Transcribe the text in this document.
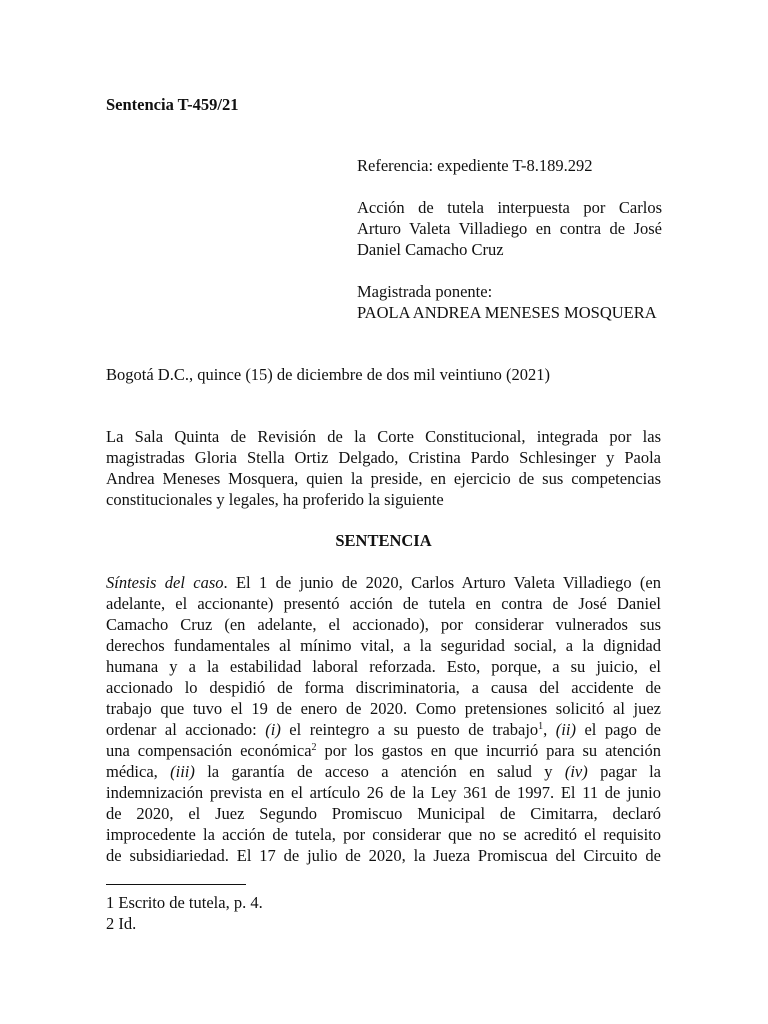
Sentencia T-459/21
Referencia: expediente T-8.189.292
Acción de tutela interpuesta por Carlos
Arturo Valeta Villadiego en contra de José
Daniel Camacho Cruz
Magistrada ponente:
PAOLA ANDREA MENESES MOSQUERA
Bogotá D.C., quince (15) de diciembre de dos mil veintiuno (2021)
La Sala Quinta de Revisión de la Corte Constitucional, integrada por las
magistradas Gloria Stella Ortiz Delgado, Cristina Pardo Schlesinger y Paola
Andrea Meneses Mosquera, quien la preside, en ejercicio de sus competencias
constitucionales y legales, ha proferido la siguiente
SENTENCIA
Síntesis del caso. El 1 de junio de 2020, Carlos Arturo Valeta Villadiego (en
adelante, el accionante) presentó acción de tutela en contra de José Daniel
Camacho Cruz (en adelante, el accionado), por considerar vulnerados sus
derechos fundamentales al mínimo vital, a la seguridad social, a la dignidad
humana y a la estabilidad laboral reforzada. Esto, porque, a su juicio, el
accionado lo despidió de forma discriminatoria, a causa del accidente de
trabajo que tuvo el 19 de enero de 2020. Como pretensiones solicitó al juez
ordenar al accionado: (i) el reintegro a su puesto de trabajo$^1$, (ii) el pago de
una compensación económica$^2$ por los gastos en que incurrió para su atención
médica, (iii) la garantía de acceso a atención en salud y (iv) pagar la
indemnización prevista en el artículo 26 de la Ley 361 de 1997. El 11 de junio
de 2020, el Juez Segundo Promiscuo Municipal de Cimitarra, declaró
improcedente la acción de tutela, por considerar que no se acreditó el requisito
de subsidiariedad. El 17 de julio de 2020, la Jueza Promiscua del Circuito de
1 Escrito de tutela, p. 4.
2 Id.
